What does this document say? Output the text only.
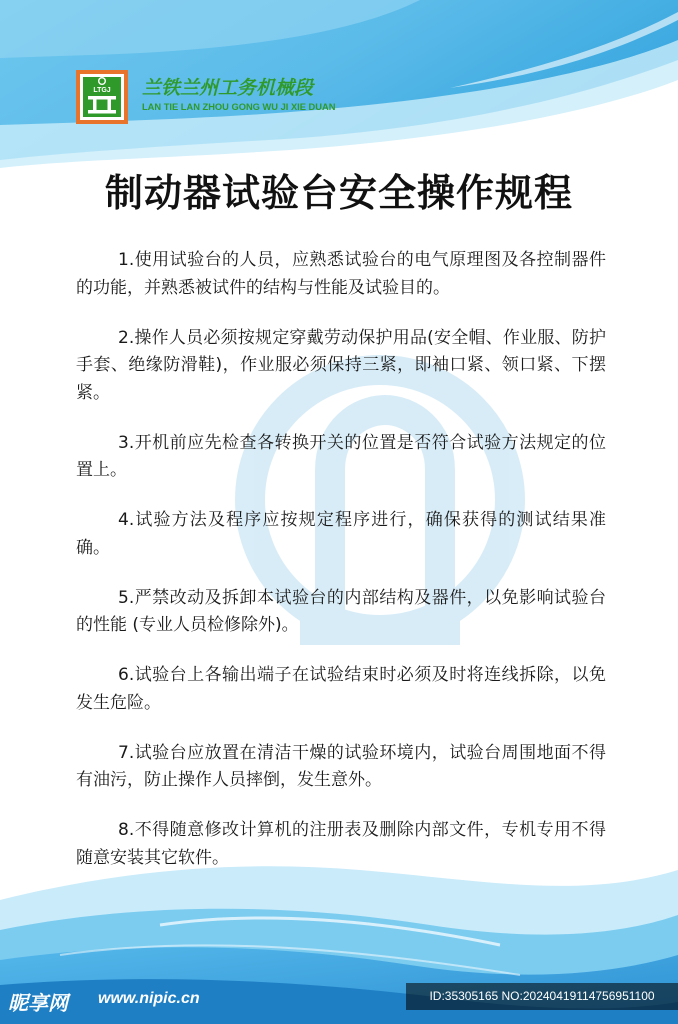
LTGJ 兰铁兰州工务机械段
LAN TIE LAN ZHOU GONG WU JI XIE DUAN
制动器试验台安全操作规程
1.使用试验台的人员，应熟悉试验台的电气原理图及各控制器件的功能，并熟悉被试件的结构与性能及试验目的。
2.操作人员必须按规定穿戴劳动保护用品(安全帽、作业服、防护手套、绝缘防滑鞋)，作业服必须保持三紧，即袖口紧、领口紧、下摆紧。
3.开机前应先检查各转换开关的位置是否符合试验方法规定的位置上。
4.试验方法及程序应按规定程序进行，确保获得的测试结果准确。
5.严禁改动及拆卸本试验台的内部结构及器件，以免影响试验台的性能 (专业人员检修除外)。
6.试验台上各输出端子在试验结束时必须及时将连线拆除，以免发生危险。
7.试验台应放置在清洁干燥的试验环境内，试验台周围地面不得有油污，防止操作人员摔倒，发生意外。
8.不得随意修改计算机的注册表及删除内部文件，专机专用不得随意安装其它软件。
昵享网 www.nipic.cn	ID:35305165 NO:20240419114756951100
